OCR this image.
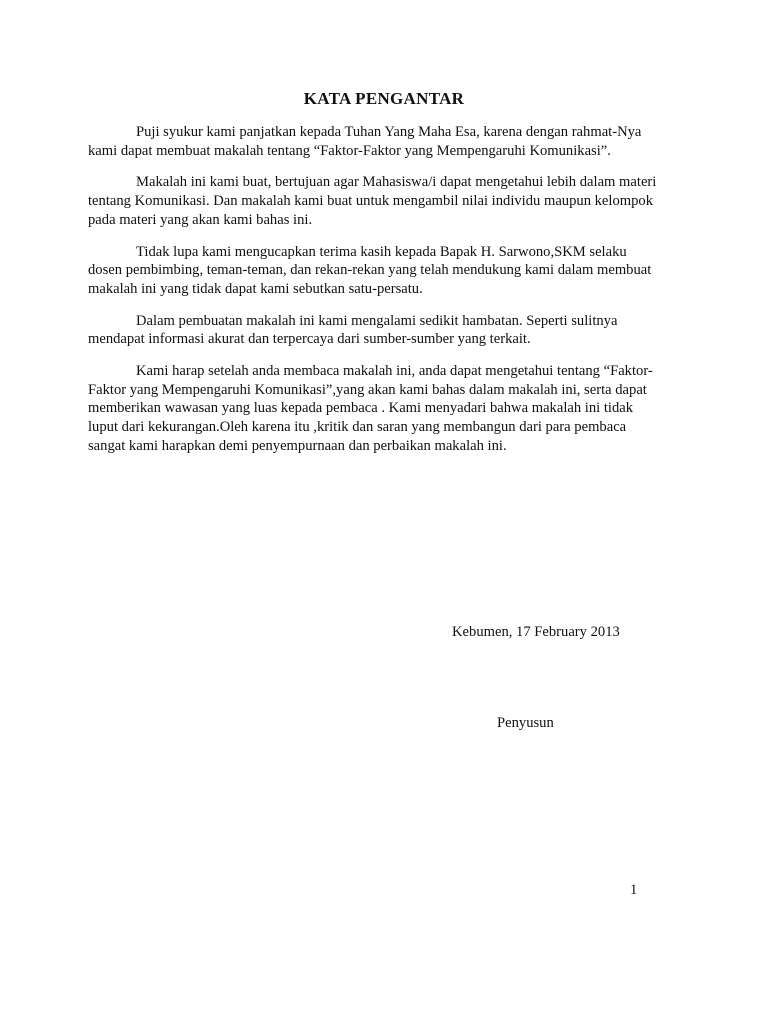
KATA PENGANTAR

Puji syukur kami panjatkan kepada Tuhan Yang Maha Esa, karena dengan rahmat-Nya
kami dapat membuat makalah tentang “Faktor-Faktor yang Mempengaruhi Komunikasi”.

Makalah ini kami buat, bertujuan agar Mahasiswa/i dapat mengetahui lebih dalam materi
tentang Komunikasi. Dan makalah kami buat untuk mengambil nilai individu maupun kelompok
pada materi yang akan kami bahas ini.

Tidak lupa kami mengucapkan terima kasih kepada Bapak H. Sarwono,SKM selaku
dosen pembimbing, teman-teman, dan rekan-rekan yang telah mendukung kami dalam membuat
makalah ini yang tidak dapat kami sebutkan satu-persatu.

Dalam pembuatan makalah ini kami mengalami sedikit hambatan. Seperti sulitnya
mendapat informasi akurat dan terpercaya dari sumber-sumber yang terkait.

Kami harap setelah anda membaca makalah ini, anda dapat mengetahui tentang “Faktor-
Faktor yang Mempengaruhi Komunikasi”,yang akan kami bahas dalam makalah ini, serta dapat
memberikan wawasan yang luas kepada pembaca . Kami menyadari bahwa makalah ini tidak
luput dari kekurangan.Oleh karena itu ,kritik dan saran yang membangun dari para pembaca
sangat kami harapkan demi penyempurnaan dan perbaikan makalah ini.

Kebumen, 17 February 2013
Penyusun
1
